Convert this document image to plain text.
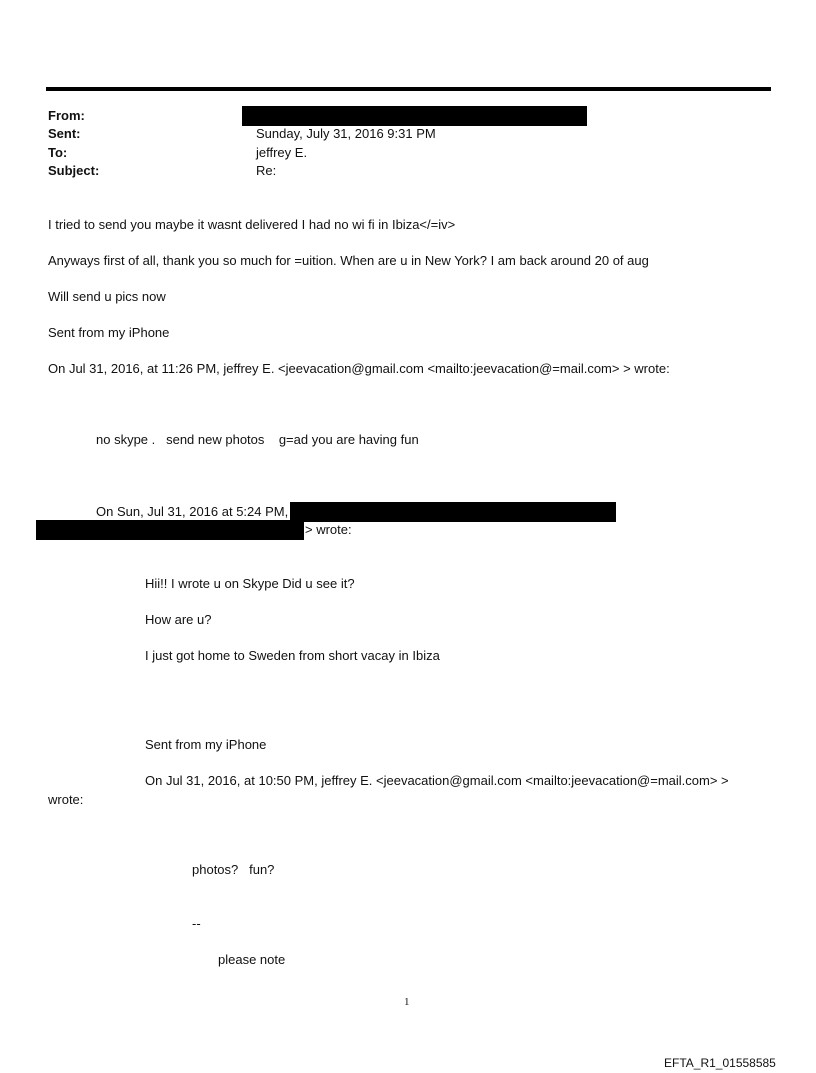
From:
Sent:	Sunday, July 31, 2016 9:31 PM
To:	jeffrey E.
Subject:	Re:
I tried to send you maybe it wasnt delivered I had no wi fi in Ibiza</=iv>
Anyways first of all, thank you so much for =uition. When are u in New York? I am back around 20 of aug
Will send u pics now
Sent from my iPhone
On Jul 31, 2016, at 11:26 PM, jeffrey E. <jeevacation@gmail.com <mailto:jeevacation@=mail.com> > wrote:
no skype .   send new photos    g=ad you are having fun
On Sun, Jul 31, 2016 at 5:24 PM,
> wrote:
Hii!! I wrote u on Skype Did u see it?
How are u?
I just got home to Sweden from short vacay in Ibiza
Sent from my iPhone
On Jul 31, 2016, at 10:50 PM, jeffrey E. <jeevacation@gmail.com <mailto:jeevacation@=mail.com> >
wrote:
photos?   fun?
--
please note
1
EFTA_R1_01558585
